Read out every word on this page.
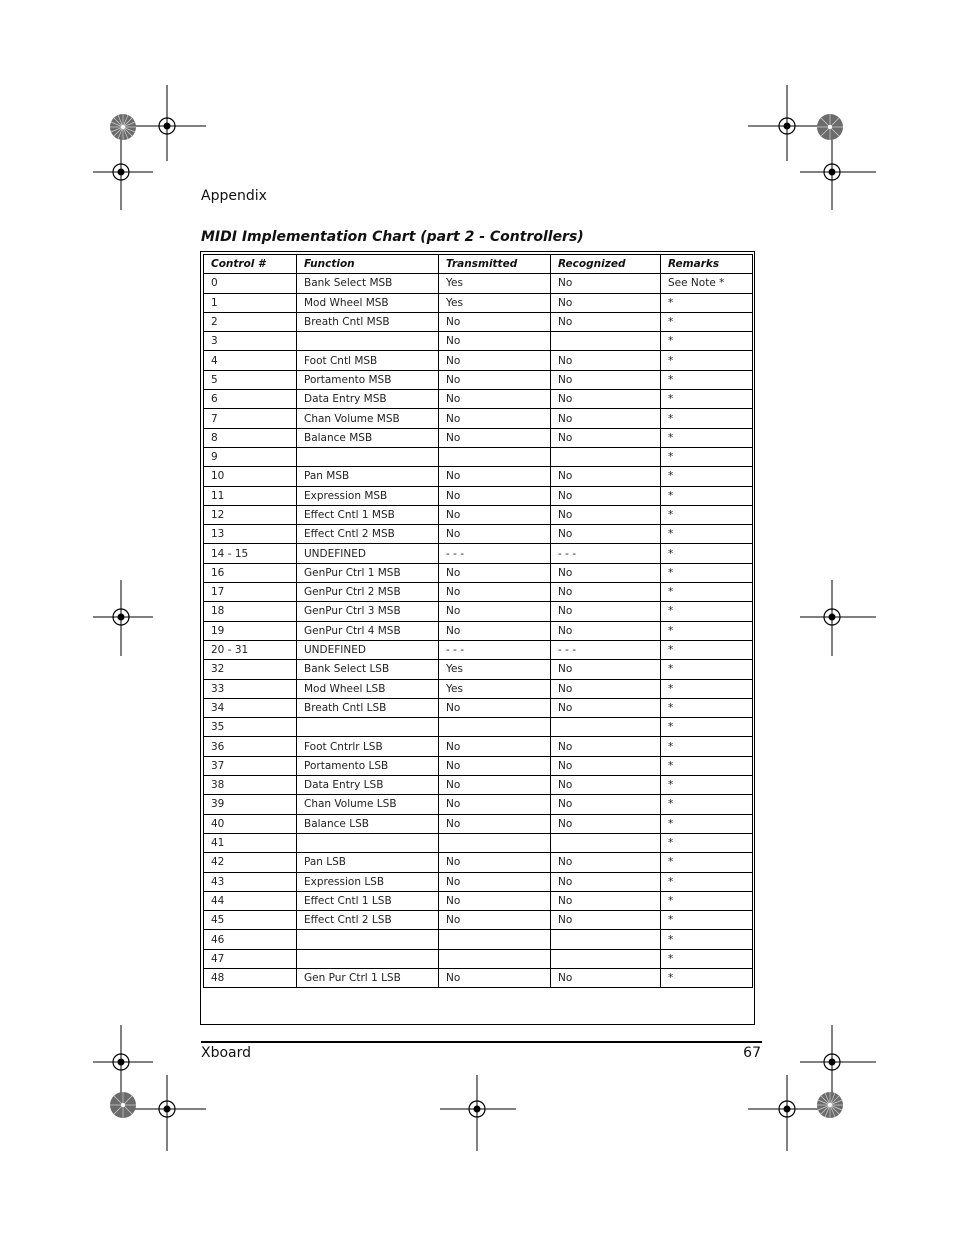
Appendix
MIDI Implementation Chart (part 2 - Controllers)
Control #	Function	Transmitted	Recognized	Remarks
0	Bank Select MSB	Yes	No	See Note *
1	Mod Wheel MSB	Yes	No	*
2	Breath Cntl MSB	No	No	*
3		No		*
4	Foot Cntl MSB	No	No	*
5	Portamento MSB	No	No	*
6	Data Entry MSB	No	No	*
7	Chan Volume MSB	No	No	*
8	Balance MSB	No	No	*
9				*
10	Pan MSB	No	No	*
11	Expression MSB	No	No	*
12	Effect Cntl 1 MSB	No	No	*
13	Effect Cntl 2 MSB	No	No	*
14 - 15	UNDEFINED	- - -	- - -	*
16	GenPur Ctrl 1 MSB	No	No	*
17	GenPur Ctrl 2 MSB	No	No	*
18	GenPur Ctrl 3 MSB	No	No	*
19	GenPur Ctrl 4 MSB	No	No	*
20 - 31	UNDEFINED	- - -	- - -	*
32	Bank Select LSB	Yes	No	*
33	Mod Wheel LSB	Yes	No	*
34	Breath Cntl LSB	No	No	*
35				*
36	Foot Cntrlr LSB	No	No	*
37	Portamento LSB	No	No	*
38	Data Entry LSB	No	No	*
39	Chan Volume LSB	No	No	*
40	Balance LSB	No	No	*
41				*
42	Pan LSB	No	No	*
43	Expression LSB	No	No	*
44	Effect Cntl 1 LSB	No	No	*
45	Effect Cntl 2 LSB	No	No	*
46				*
47				*
48	Gen Pur Ctrl 1 LSB	No	No	*
Xboard	67
